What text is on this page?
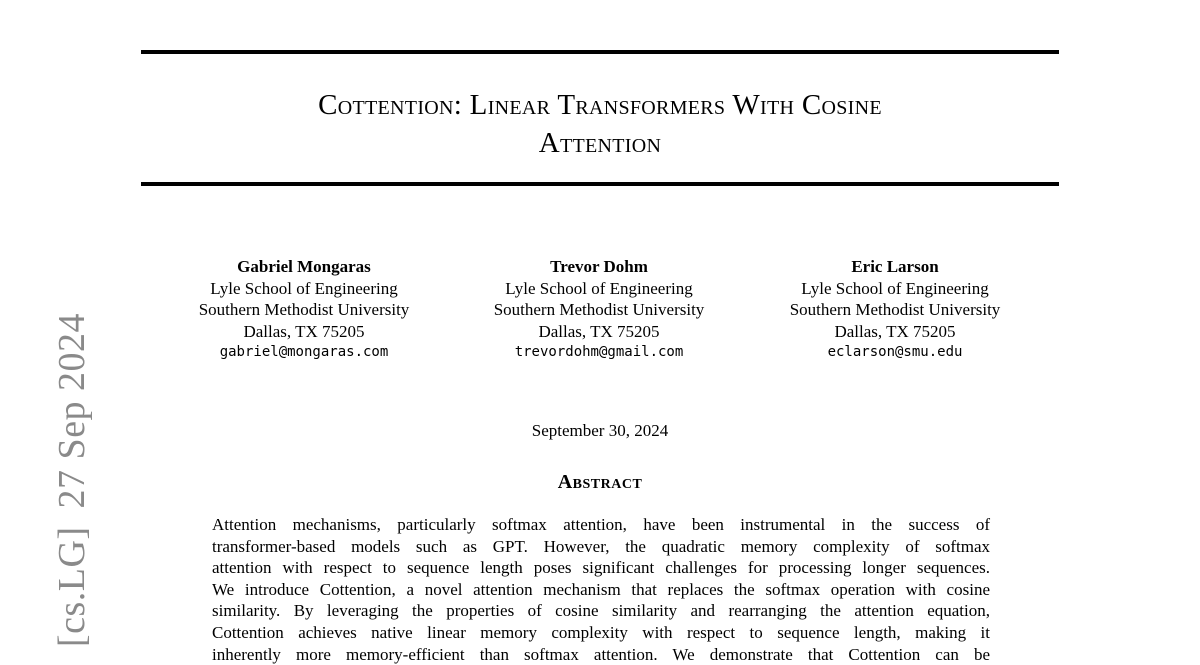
Cottention: Linear Transformers With Cosine
Attention
Gabriel Mongaras
Lyle School of Engineering
Southern Methodist University
Dallas, TX 75205
gabriel@mongaras.com
Trevor Dohm
Lyle School of Engineering
Southern Methodist University
Dallas, TX 75205
trevordohm@gmail.com
Eric Larson
Lyle School of Engineering
Southern Methodist University
Dallas, TX 75205
eclarson@smu.edu
September 30, 2024
Abstract
Attention mechanisms, particularly softmax attention, have been instrumental in the success of
transformer-based models such as GPT. However, the quadratic memory complexity of softmax
attention with respect to sequence length poses significant challenges for processing longer sequences.
We introduce Cottention, a novel attention mechanism that replaces the softmax operation with cosine
similarity. By leveraging the properties of cosine similarity and rearranging the attention equation,
Cottention achieves native linear memory complexity with respect to sequence length, making it
inherently more memory-efficient than softmax attention. We demonstrate that Cottention can be
[cs.LG]27 Sep 2024
